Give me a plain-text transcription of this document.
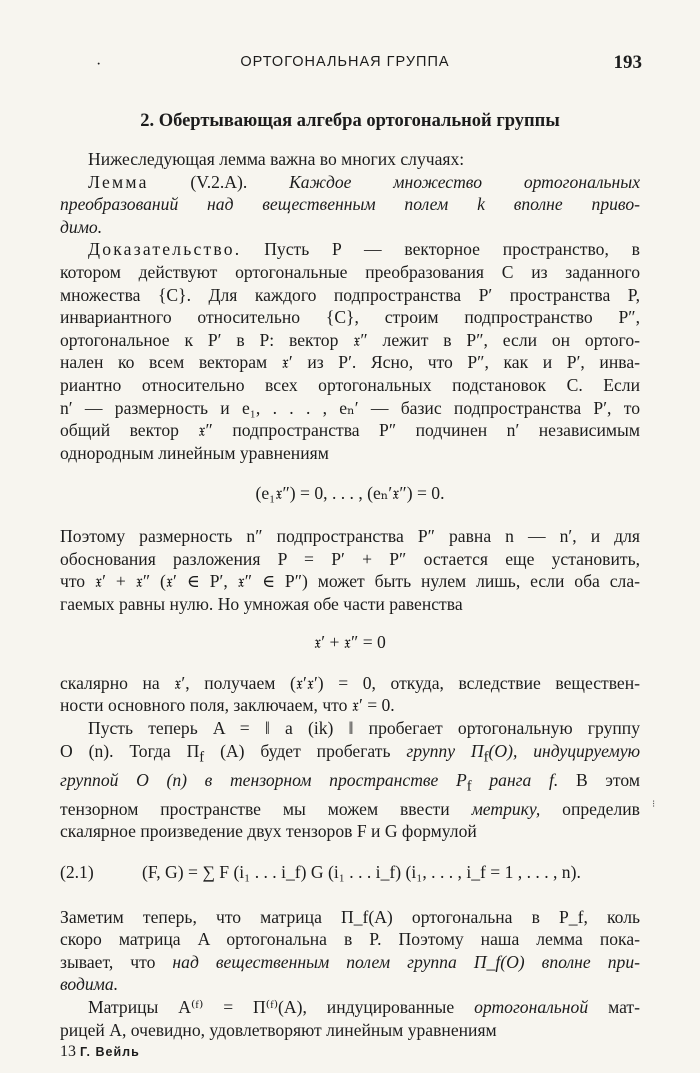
·	ОРТОГОНАЛЬНАЯ ГРУППА	193
2. Обертывающая алгебра ортогональной группы
Нижеследующая лемма важна во многих случаях:
Лемма (V.2.A). Каждое множество ортогональных
преобразований над вещественным полем k вполне приво-
димо.
Доказательство. Пусть P — векторное пространство, в
котором действуют ортогональные преобразования C из заданного
множества {C}. Для каждого подпространства P′ пространства P,
инвариантного относительно {C}, строим подпространство P″,
ортогональное к P′ в P: вектор 𝔵″ лежит в P″, если он ортого-
нален ко всем векторам 𝔵′ из P′. Ясно, что P″, как и P′, инва-
риантно относительно всех ортогональных подстановок C. Если
n′ — размерность и e₁, . . . , eₙ′ — базис подпространства P′, то
общий вектор 𝔵″ подпространства P″ подчинен n′ независимым
однородным линейным уравнениям
(e₁𝔵″) = 0, . . . , (eₙ′𝔵″) = 0.
Поэтому размерность n″ подпространства P″ равна n — n′, и для
обоснования разложения P = P′ + P″ остается еще установить,
что 𝔵′ + 𝔵″ (𝔵′ ∈ P′, 𝔵″ ∈ P″) может быть нулем лишь, если оба сла-
гаемых равны нулю. Но умножая обе части равенства
𝔵′ + 𝔵″ = 0
скалярно на 𝔵′, получаем (𝔵′𝔵′) = 0, откуда, вследствие веществен-
ности основного поля, заключаем, что 𝔵′ = 0.
Пусть теперь A = ‖ a (ik) ‖ пробегает ортогональную группу
O (n). Тогда $\Pi_f$ (A) будет пробегать группу $\Pi_f(O)$, индуцируемую
группой O (n) в тензорном пространстве $P_f$ ранга f. В этом
тензорном пространстве мы можем ввести метрику, определив
скалярное произведение двух тензоров F и G формулой
(2.1)	(F, G) = ∑ F (i₁ . . . i_f) G (i₁ . . . i_f) (i₁, . . . , i_f = 1 , . . . , n).
Заметим теперь, что матрица Π_f(A) ортогональна в P_f, коль
скоро матрица A ортогональна в P. Поэтому наша лемма пока-
зывает, что над вещественным полем группа Π_f(O) вполне при-
водима.
Матрицы A⁽ᶠ⁾ = Π⁽ᶠ⁾(A), индуцированные ортогональной мат-
рицей A, очевидно, удовлетворяют линейным уравнениям
13 Г. Вейль
⁝
